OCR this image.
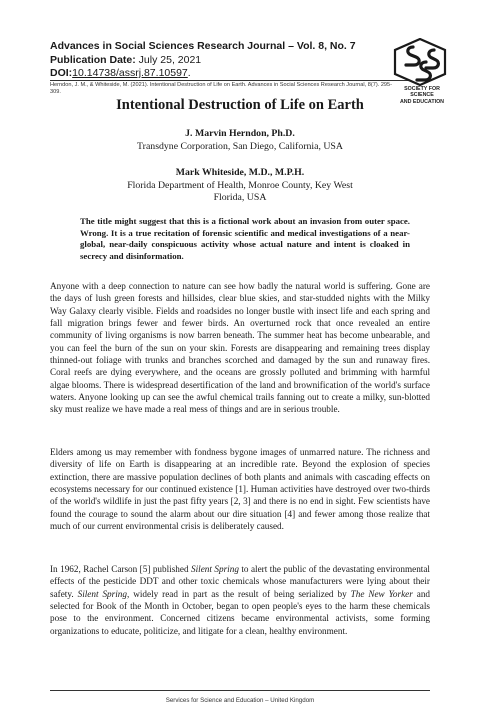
Advances in Social Sciences Research Journal – Vol. 8, No. 7
Publication Date: July 25, 2021
DOI:10.14738/assrj.87.10597.
Herndon, J. M., & Whiteside, M. (2021). Intentional Destruction of Life on Earth. Advances in Social Sciences Research Journal, 8(7). 295-309.
SOCIETY FOR SCIENCE
AND EDUCATION
Intentional Destruction of Life on Earth
J. Marvin Herndon, Ph.D.
Transdyne Corporation, San Diego, California, USA
Mark Whiteside, M.D., M.P.H.
Florida Department of Health, Monroe County, Key West
Florida, USA
The title might suggest that this is a fictional work about an invasion from outer space. Wrong. It is a true recitation of forensic scientific and medical investigations of a near-global, near-daily conspicuous activity whose actual nature and intent is cloaked in secrecy and disinformation.

Anyone with a deep connection to nature can see how badly the natural world is suffering. Gone are the days of lush green forests and hillsides, clear blue skies, and star-studded nights with the Milky Way Galaxy clearly visible. Fields and roadsides no longer bustle with insect life and each spring and fall migration brings fewer and fewer birds. An overturned rock that once revealed an entire community of living organisms is now barren beneath. The summer heat has become unbearable, and you can feel the burn of the sun on your skin. Forests are disappearing and remaining trees display thinned-out foliage with trunks and branches scorched and damaged by the sun and runaway fires. Coral reefs are dying everywhere, and the oceans are grossly polluted and brimming with harmful algae blooms. There is widespread desertification of the land and brownification of the world's surface waters. Anyone looking up can see the awful chemical trails fanning out to create a milky, sun-blotted sky must realize we have made a real mess of things and are in serious trouble.

Elders among us may remember with fondness bygone images of unmarred nature. The richness and diversity of life on Earth is disappearing at an incredible rate. Beyond the explosion of species extinction, there are massive population declines of both plants and animals with cascading effects on ecosystems necessary for our continued existence [1]. Human activities have destroyed over two-thirds of the world's wildlife in just the past fifty years [2, 3] and there is no end in sight. Few scientists have found the courage to sound the alarm about our dire situation [4] and fewer among those realize that much of our current environmental crisis is deliberately caused.

In 1962, Rachel Carson [5] published Silent Spring to alert the public of the devastating environmental effects of the pesticide DDT and other toxic chemicals whose manufacturers were lying about their safety. Silent Spring, widely read in part as the result of being serialized by The New Yorker and selected for Book of the Month in October, began to open people's eyes to the harm these chemicals pose to the environment. Concerned citizens became environmental activists, some forming organizations to educate, politicize, and litigate for a clean, healthy environment.

Services for Science and Education – United Kingdom
